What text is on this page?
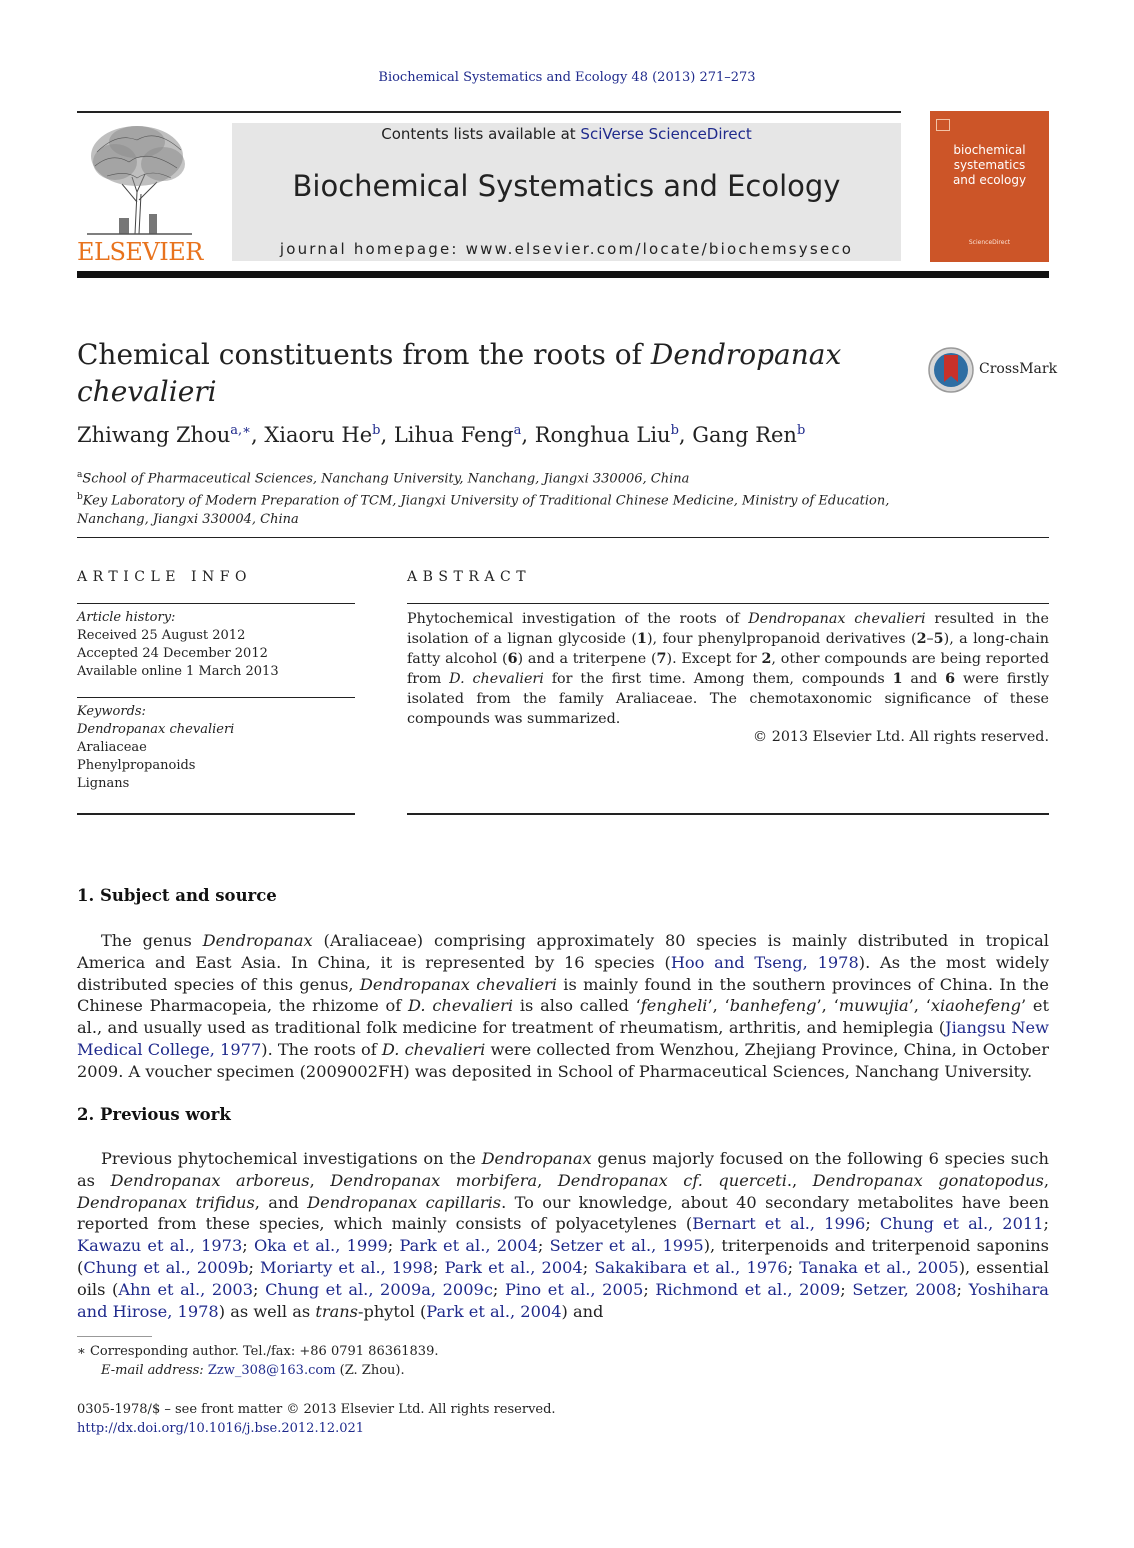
Biochemical Systematics and Ecology 48 (2013) 271–273
ELSEVIER
Contents lists available at SciVerse ScienceDirect
Biochemical Systematics and Ecology
journal homepage: www.elsevier.com/locate/biochemsyseco
biochemical
systematics
and ecology
ScienceDirect
Chemical constituents from the roots of Dendropanax chevalieri
CrossMark
Zhiwang Zhou$^{a,∗}$, Xiaoru He$^b$, Lihua Feng$^a$, Ronghua Liu$^b$, Gang Ren$^b$
$^a$School of Pharmaceutical Sciences, Nanchang University, Nanchang, Jiangxi 330006, China
$^b$Key Laboratory of Modern Preparation of TCM, Jiangxi University of Traditional Chinese Medicine, Ministry of Education, Nanchang, Jiangxi 330004, China
ARTICLE INFO
Article history:
Received 25 August 2012
Accepted 24 December 2012
Available online 1 March 2013
Keywords:
Dendropanax chevalieri
Araliaceae
Phenylpropanoids
Lignans
ABSTRACT
Phytochemical investigation of the roots of Dendropanax chevalieri resulted in the isolation of a lignan glycoside (1), four phenylpropanoid derivatives (2–5), a long-chain fatty alcohol (6) and a triterpene (7). Except for 2, other compounds are being reported from D. chevalieri for the first time. Among them, compounds 1 and 6 were firstly isolated from the family Araliaceae. The chemotaxonomic significance of these compounds was summarized.
© 2013 Elsevier Ltd. All rights reserved.
1. Subject and source
The genus Dendropanax (Araliaceae) comprising approximately 80 species is mainly distributed in tropical America and East Asia. In China, it is represented by 16 species (Hoo and Tseng, 1978). As the most widely distributed species of this genus, Dendropanax chevalieri is mainly found in the southern provinces of China. In the Chinese Pharmacopeia, the rhizome of D. chevalieri is also called ‘fengheli’, ‘banhefeng’, ‘muwujia’, ‘xiaohefeng’ et al., and usually used as traditional folk medicine for treatment of rheumatism, arthritis, and hemiplegia (Jiangsu New Medical College, 1977). The roots of D. chevalieri were collected from Wenzhou, Zhejiang Province, China, in October 2009. A voucher specimen (2009002FH) was deposited in School of Pharmaceutical Sciences, Nanchang University.
2. Previous work
Previous phytochemical investigations on the Dendropanax genus majorly focused on the following 6 species such as Dendropanax arboreus, Dendropanax morbifera, Dendropanax cf. querceti., Dendropanax gonatopodus, Dendropanax trifidus, and Dendropanax capillaris. To our knowledge, about 40 secondary metabolites have been reported from these species, which mainly consists of polyacetylenes (Bernart et al., 1996; Chung et al., 2011; Kawazu et al., 1973; Oka et al., 1999; Park et al., 2004; Setzer et al., 1995), triterpenoids and triterpenoid saponins (Chung et al., 2009b; Moriarty et al., 1998; Park et al., 2004; Sakakibara et al., 1976; Tanaka et al., 2005), essential oils (Ahn et al., 2003; Chung et al., 2009a, 2009c; Pino et al., 2005; Richmond et al., 2009; Setzer, 2008; Yoshihara and Hirose, 1978) as well as trans-phytol (Park et al., 2004) and
∗ Corresponding author. Tel./fax: +86 0791 86361839.
E-mail address: Zzw_308@163.com (Z. Zhou).
0305-1978/$ – see front matter © 2013 Elsevier Ltd. All rights reserved.
http://dx.doi.org/10.1016/j.bse.2012.12.021
